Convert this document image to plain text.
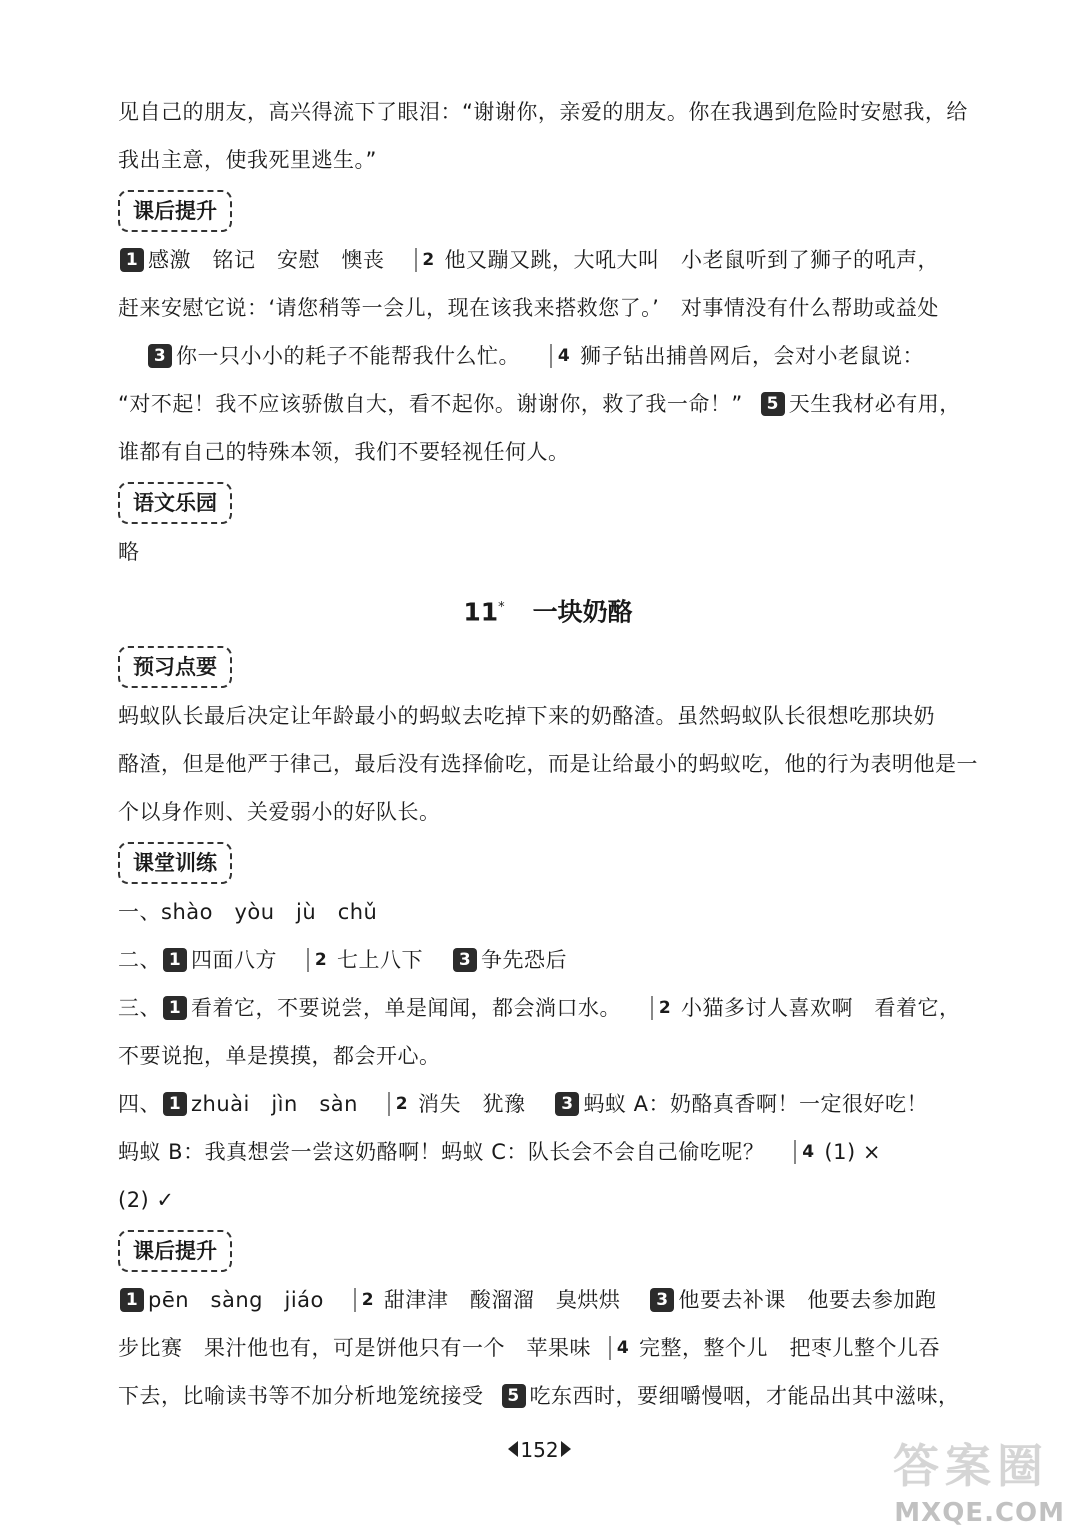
见自己的朋友，高兴得流下了眼泪：“谢谢你，亲爱的朋友。你在我遇到危险时安慰我，给
我出主意，使我死里逃生。”
课后提升
1 感激　铭记　安慰　懊丧 2 他又蹦又跳，大吼大叫　小老鼠听到了狮子的吼声，
赶来安慰它说：‘请您稍等一会儿，现在该我来搭救您了。’　对事情没有什么帮助或益处
3 你一只小小的耗子不能帮我什么忙。 4 狮子钻出捕兽网后，会对小老鼠说：
“对不起！我不应该骄傲自大，看不起你。谢谢你，救了我一命！” 5 天生我材必有用，
谁都有自己的特殊本领，我们不要轻视任何人。
语文乐园
略
11* 一块奶酪
预习点要
蚂蚁队长最后决定让年龄最小的蚂蚁去吃掉下来的奶酪渣。虽然蚂蚁队长很想吃那块奶
酪渣，但是他严于律己，最后没有选择偷吃，而是让给最小的蚂蚁吃，他的行为表明他是一
个以身作则、关爱弱小的好队长。
课堂训练
一、shào　yòu　jù　chǔ
二、 1 四面八方 2 七上八下 3 争先恐后
三、 1 看着它，不要说尝，单是闻闻，都会淌口水。 2 小猫多讨人喜欢啊　看着它，
不要说抱，单是摸摸，都会开心。
四、 1 zhuài　jìn　sàn 2 消失　犹豫 3 蚂蚁 A：奶酪真香啊！一定很好吃！
蚂蚁 B：我真想尝一尝这奶酪啊！蚂蚁 C：队长会不会自己偷吃呢？ 4 (1) ×
(2) ✓
课后提升
1 pēn　sàng　jiáo 2 甜津津　酸溜溜　臭烘烘 3 他要去补课　他要去参加跑
步比赛　果汁他也有，可是饼他只有一个　苹果味 4 完整，整个儿　把枣儿整个儿吞
下去，比喻读书等不加分析地笼统接受 5 吃东西时，要细嚼慢咽，才能品出其中滋味，
152	答案圈
MXQE.COM
